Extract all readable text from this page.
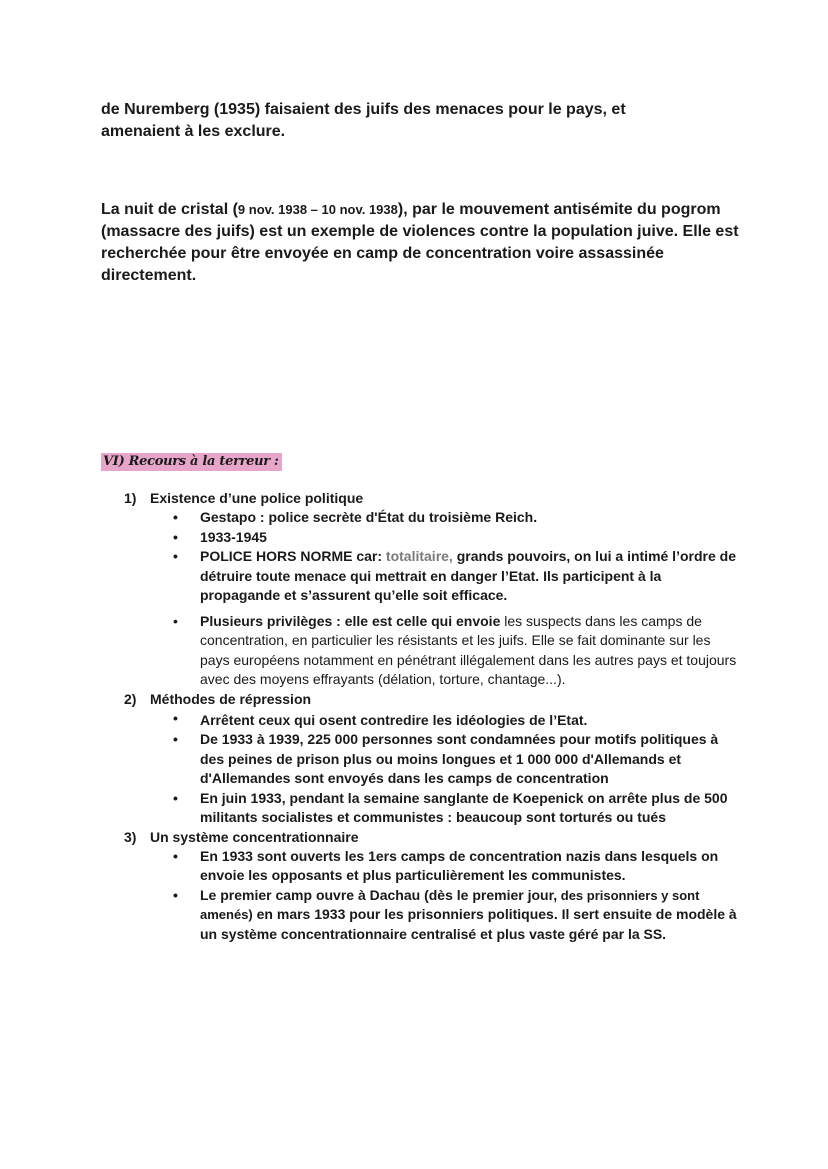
de Nuremberg (1935) faisaient des juifs des menaces pour le pays, et
amenaient à les exclure.

La nuit de cristal (9 nov. 1938 – 10 nov. 1938), par le mouvement antisémite du pogrom (massacre des juifs) est un exemple de violences contre la population juive. Elle est recherchée pour être envoyée en camp de concentration voire assassinée directement.

VI) Recours à la terreur :
1) Existence d’une police politique
• Gestapo : police secrète d'État du troisième Reich.
• 1933-1945
• POLICE HORS NORME car: totalitaire, grands pouvoirs, on lui a intimé l’ordre de détruire toute menace qui mettrait en danger l’Etat. Ils participent à la propagande et s’assurent qu’elle soit efficace.
• Plusieurs privilèges : elle est celle qui envoie les suspects dans les camps de concentration, en particulier les résistants et les juifs. Elle se fait dominante sur les pays européens notamment en pénétrant illégalement dans les autres pays et toujours avec des moyens effrayants (délation, torture, chantage...).
2) Méthodes de répression
• Arrêtent ceux qui osent contredire les idéologies de l’Etat.
• De 1933 à 1939, 225 000 personnes sont condamnées pour motifs politiques à des peines de prison plus ou moins longues et 1 000 000 d'Allemands et d'Allemandes sont envoyés dans les camps de concentration
• En juin 1933, pendant la semaine sanglante de Koepenick on arrête plus de 500 militants socialistes et communistes : beaucoup sont torturés ou tués
3) Un système concentrationnaire
• En 1933 sont ouverts les 1ers camps de concentration nazis dans lesquels on envoie les opposants et plus particulièrement les communistes.
• Le premier camp ouvre à Dachau (dès le premier jour, des prisonniers y sont amenés) en mars 1933 pour les prisonniers politiques. Il sert ensuite de modèle à un système concentrationnaire centralisé et plus vaste géré par la SS.
